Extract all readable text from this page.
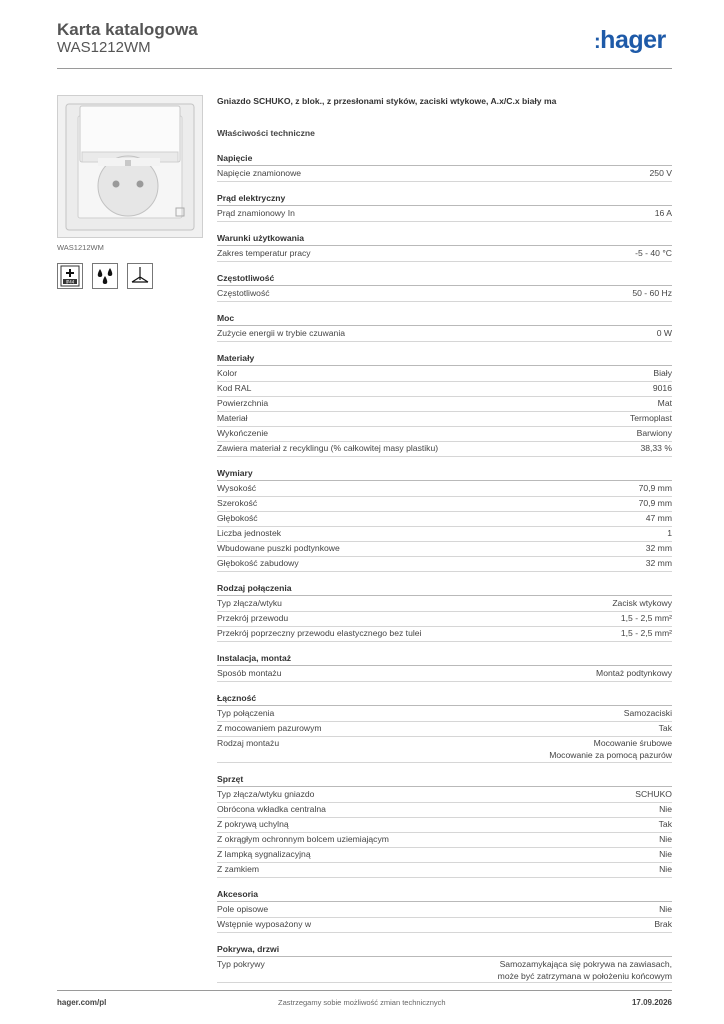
Karta katalogowa
WAS1212WM	:hager
WAS1212WM
IP44
Gniazdo SCHUKO, z blok., z przesłonami styków, zaciski wtykowe, A.x/C.x biały ma
Właściwości techniczne
Napięcie
Napięcie znamionowe	250 V
Prąd elektryczny
Prąd znamionowy In	16 A
Warunki użytkowania
Zakres temperatur pracy	-5 - 40 °C
Częstotliwość
Częstotliwość	50 - 60 Hz
Moc
Zużycie energii w trybie czuwania	0 W
Materiały
Kolor	Biały
Kod RAL	9016
Powierzchnia	Mat
Materiał	Termoplast
Wykończenie	Barwiony
Zawiera materiał z recyklingu (% całkowitej masy plastiku)	38,33 %
Wymiary
Wysokość	70,9 mm
Szerokość	70,9 mm
Głębokość	47 mm
Liczba jednostek	1
Wbudowane puszki podtynkowe	32 mm
Głębokość zabudowy	32 mm
Rodzaj połączenia
Typ złącza/wtyku	Zacisk wtykowy
Przekrój przewodu	1,5 - 2,5 mm²
Przekrój poprzeczny przewodu elastycznego bez tulei	1,5 - 2,5 mm²
Instalacja, montaż
Sposób montażu	Montaż podtynkowy
Łączność
Typ połączenia	Samozaciski
Z mocowaniem pazurowym	Tak
Rodzaj montażu	Mocowanie śrubowe
Mocowanie za pomocą pazurów
Sprzęt
Typ złącza/wtyku gniazdo	SCHUKO
Obrócona wkładka centralna	Nie
Z pokrywą uchylną	Tak
Z okrągłym ochronnym bolcem uziemiającym	Nie
Z lampką sygnalizacyjną	Nie
Z zamkiem	Nie
Akcesoria
Pole opisowe	Nie
Wstępnie wyposażony w	Brak
Pokrywa, drzwi
Typ pokrywy	Samozamykająca się pokrywa na zawiasach,
może być zatrzymana w położeniu końcowym
hager.com/pl	Zastrzegamy sobie możliwość zmian technicznych	17.09.2026
